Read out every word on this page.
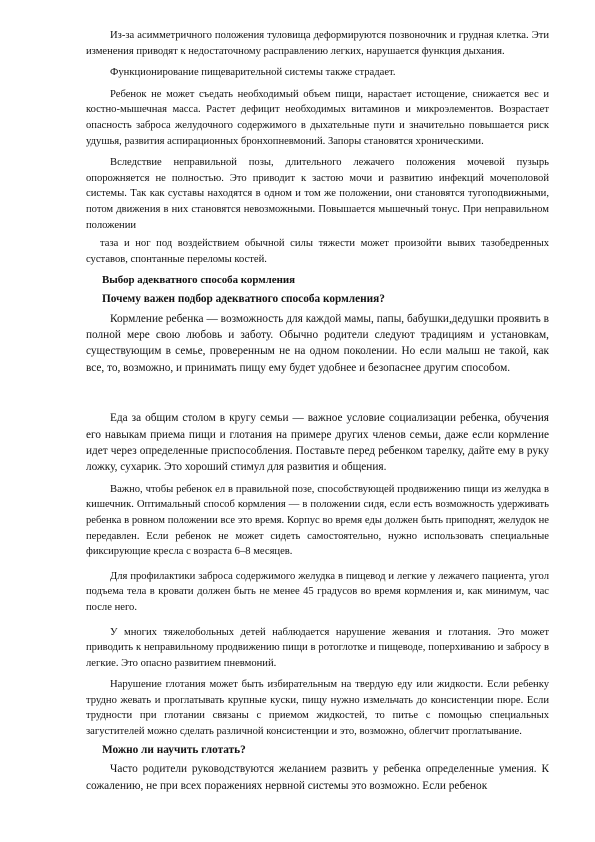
Из-за асимметричного положения туловища деформируются позвоночник и грудная клетка. Эти изменения приводят к недостаточному расправлению легких, нарушается функция дыхания.

Функционирование пищеварительной системы также страдает.

Ребенок не может съедать необходимый объем пищи, нарастает истощение, снижается вес и костно-мышечная масса. Растет дефицит необходимых витаминов и микроэлементов. Возрастает опасность заброса желудочного содержимого в дыхательные пути и значительно повышается риск удушья, развития аспирационных бронхопневмоний. Запоры становятся хроническими.

Вследствие неправильной позы, длительного лежачего положения мочевой пузырь опорожняется не полностью. Это приводит к застою мочи и развитию инфекций мочеполовой системы. Так как суставы находятся в одном и том же положении, они становятся тугоподвижными, потом движения в них становятся невозможными. Повышается мышечный тонус. При неправильном положении

таза и ног под воздействием обычной силы тяжести может произойти вывих тазобедренных суставов, спонтанные переломы костей.

Выбор адекватного способа кормления

Почему важен подбор адекватного способа кормления?

Кормление ребенка — возможность для каждой мамы, папы, бабушки,дедушки проявить в полной мере свою любовь и заботу. Обычно родители следуют традициям и установкам, существующим в семье, проверенным не на одном поколении. Но если малыш не такой, как все, то, возможно, и принимать пищу ему будет удобнее и безопаснее другим способом.

Еда за общим столом в кругу семьи — важное условие социализации ребенка, обучения его навыкам приема пищи и глотания на примере других членов семьи, даже если кормление идет через определенные приспособления. Поставьте перед ребенком тарелку, дайте ему в руку ложку, сухарик. Это хороший стимул для развития и общения.

Важно, чтобы ребенок ел в правильной позе, способствующей продвижению пищи из желудка в кишечник. Оптимальный способ кормления — в положении сидя, если есть возможность удерживать ребенка в ровном положении все это время. Корпус во время еды должен быть приподнят, желудок не передавлен. Если ребенок не может сидеть самостоятельно, нужно использовать специальные фиксирующие кресла с возраста 6–8 месяцев.

Для профилактики заброса содержимого желудка в пищевод и легкие у лежачего пациента, угол подъема тела в кровати должен быть не менее 45 градусов во время кормления и, как минимум, час после него.

У многих тяжелобольных детей наблюдается нарушение жевания и глотания. Это может приводить к неправильному продвижению пищи в ротоглотке и пищеводе, поперхиванию и забросу в легкие. Это опасно развитием пневмоний.

Нарушение глотания может быть избирательным на твердую еду или жидкости. Если ребенку трудно жевать и проглатывать крупные куски, пищу нужно измельчать до консистенции пюре. Если трудности при глотании связаны с приемом жидкостей, то питье с помощью специальных загустителей можно сделать различной консистенции и это, возможно, облегчит проглатывание.

Можно ли научить глотать?

Часто родители руководствуются желанием развить у ребенка определенные умения. К сожалению, не при всех поражениях нервной системы это возможно. Если ребенок
